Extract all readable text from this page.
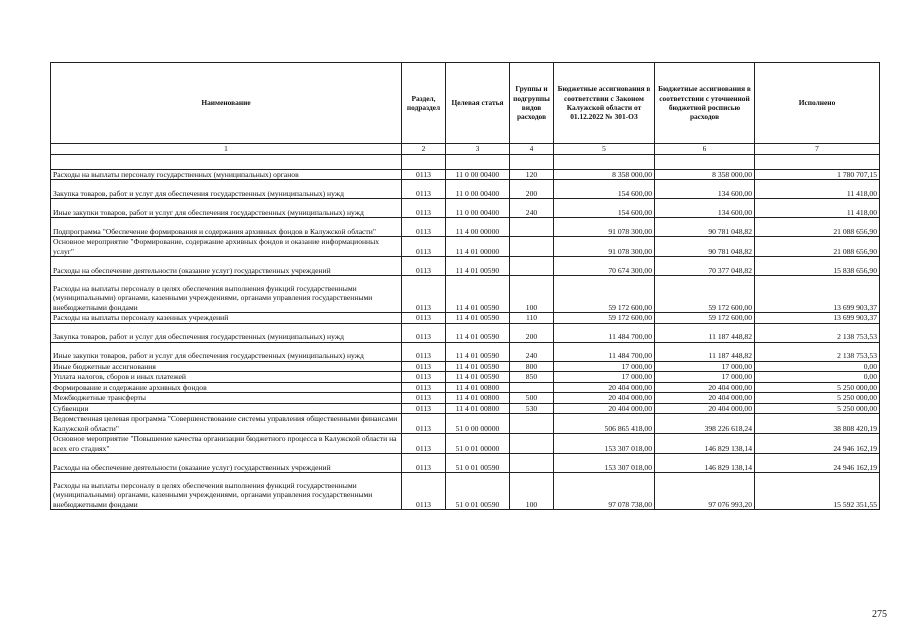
Наименование	Раздел, подраздел	Целевая статья	Группы и подгруппы видов расходов	Бюджетные ассигнования в соответствии с Законом Калужской области от 01.12.2022 № 301-ОЗ	Бюджетные ассигнования в соответствии с уточненной бюджетной росписью расходов	Исполнено
1	2	3	4	5	6	7

Расходы на выплаты персоналу государственных (муниципальных) органов	0113	11 0 00 00400	120	8 358 000,00	8 358 000,00	1 780 707,15
Закупка товаров, работ и услуг для обеспечения государственных (муниципальных) нужд	0113	11 0 00 00400	200	154 600,00	134 600,00	11 418,00
Иные закупки товаров, работ и услуг для обеспечения государственных (муниципальных) нужд	0113	11 0 00 00400	240	154 600,00	134 600,00	11 418,00
Подпрограмма "Обеспечение формирования и содержания архивных фондов в Калужской области"	0113	11 4 00 00000		91 078 300,00	90 781 048,82	21 088 656,90
Основное мероприятие "Формирование, содержание архивных фондов и оказание информационных услуг"	0113	11 4 01 00000		91 078 300,00	90 781 048,82	21 088 656,90
Расходы на обеспечение деятельности (оказание услуг) государственных учреждений	0113	11 4 01 00590		70 674 300,00	70 377 048,82	15 838 656,90
Расходы на выплаты персоналу в целях обеспечения выполнения функций государственными (муниципальными) органами, казенными учреждениями, органами управления государственными внебюджетными фондами	0113	11 4 01 00590	100	59 172 600,00	59 172 600,00	13 699 903,37
Расходы на выплаты персоналу казенных учреждений	0113	11 4 01 00590	110	59 172 600,00	59 172 600,00	13 699 903,37
Закупка товаров, работ и услуг для обеспечения государственных (муниципальных) нужд	0113	11 4 01 00590	200	11 484 700,00	11 187 448,82	2 138 753,53
Иные закупки товаров, работ и услуг для обеспечения государственных (муниципальных) нужд	0113	11 4 01 00590	240	11 484 700,00	11 187 448,82	2 138 753,53
Иные бюджетные ассигнования	0113	11 4 01 00590	800	17 000,00	17 000,00	0,00
Уплата налогов, сборов и иных платежей	0113	11 4 01 00590	850	17 000,00	17 000,00	0,00
Формирование и содержание архивных фондов	0113	11 4 01 00800		20 404 000,00	20 404 000,00	5 250 000,00
Межбюджетные трансферты	0113	11 4 01 00800	500	20 404 000,00	20 404 000,00	5 250 000,00
Субвенции	0113	11 4 01 00800	530	20 404 000,00	20 404 000,00	5 250 000,00
Ведомственная целевая программа "Совершенствование системы управления общественными финансами Калужской области"	0113	51 0 00 00000		506 865 418,00	398 226 618,24	38 808 420,19
Основное мероприятие "Повышение качества организации бюджетного процесса в Калужской области на всех его стадиях"	0113	51 0 01 00000		153 307 018,00	146 829 138,14	24 946 162,19
Расходы на обеспечение деятельности (оказание услуг) государственных учреждений	0113	51 0 01 00590		153 307 018,00	146 829 138,14	24 946 162,19
Расходы на выплаты персоналу в целях обеспечения выполнения функций государственными (муниципальными) органами, казенными учреждениями, органами управления государственными внебюджетными фондами	0113	51 0 01 00590	100	97 078 738,00	97 076 993,20	15 592 351,55
275
